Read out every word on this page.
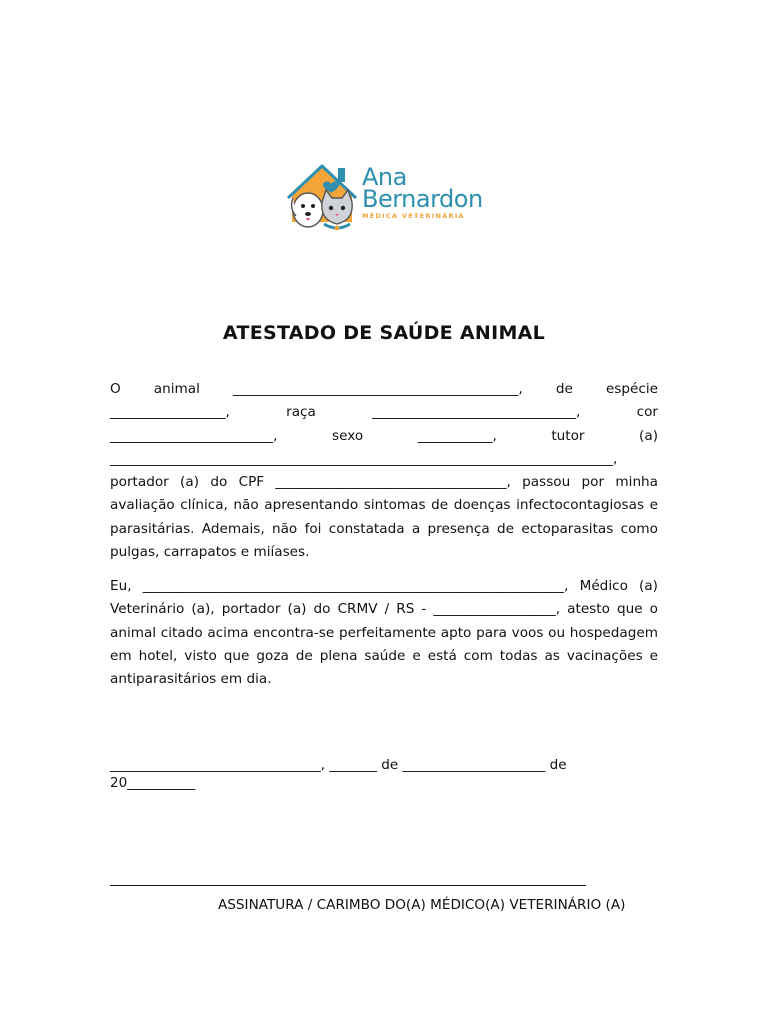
Ana
Bernardon
MÉDICA VETERINÁRIA
ATESTADO DE SAÚDE ANIMAL
O animal __________________________________________, de espécie _________________, raça ______________________________, cor ________________________, sexo ___________, tutor (a) __________________________________________________________________________, portador (a) do CPF __________________________________, passou por minha avaliação clínica, não apresentando sintomas de doenças infectocontagiosas e parasitárias. Ademais, não foi constatada a presença de ectoparasitas como pulgas, carrapatos e miíases.
Eu, ______________________________________________________________, Médico (a) Veterinário (a), portador (a) do CRMV / RS - __________________, atesto que o animal citado acima encontra-se perfeitamente apto para voos ou hospedagem em hotel, visto que goza de plena saúde e está com todas as vacinações e antiparasitários em dia.
_______________________________, _______ de _____________________ de
20__________
ASSINATURA / CARIMBO DO(A) MÉDICO(A) VETERINÁRIO (A)
